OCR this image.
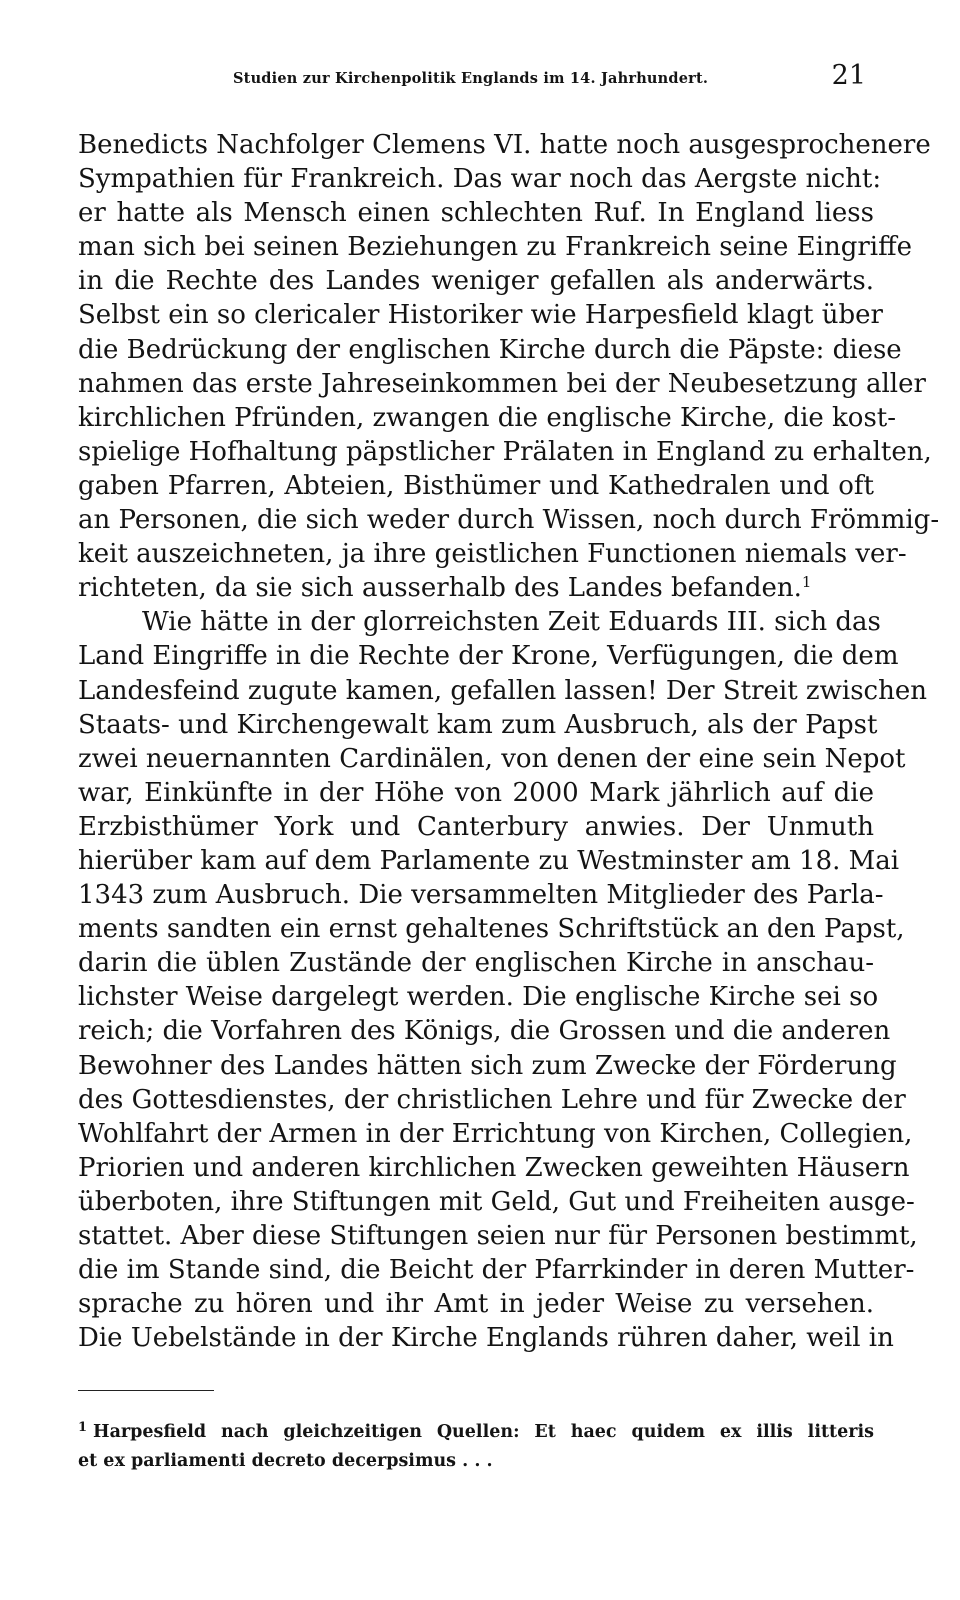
Studien zur Kirchenpolitik Englands im 14. Jahrhundert.	21
Benedicts Nachfolger Clemens VI. hatte noch ausgesprochenere
Sympathien für Frankreich. Das war noch das Aergste nicht:
er hatte als Mensch einen schlechten Ruf. In England liess
man sich bei seinen Beziehungen zu Frankreich seine Eingriffe
in die Rechte des Landes weniger gefallen als anderwärts.
Selbst ein so clericaler Historiker wie Harpesfield klagt über
die Bedrückung der englischen Kirche durch die Päpste: diese
nahmen das erste Jahreseinkommen bei der Neubesetzung aller
kirchlichen Pfründen, zwangen die englische Kirche, die kost-
spielige Hofhaltung päpstlicher Prälaten in England zu erhalten,
gaben Pfarren, Abteien, Bisthümer und Kathedralen und oft
an Personen, die sich weder durch Wissen, noch durch Frömmig-
keit auszeichneten, ja ihre geistlichen Functionen niemals ver-
richteten, da sie sich ausserhalb des Landes befanden.$^1$
Wie hätte in der glorreichsten Zeit Eduards III. sich das
Land Eingriffe in die Rechte der Krone, Verfügungen, die dem
Landesfeind zugute kamen, gefallen lassen! Der Streit zwischen
Staats- und Kirchengewalt kam zum Ausbruch, als der Papst
zwei neuernannten Cardinälen, von denen der eine sein Nepot
war, Einkünfte in der Höhe von 2000 Mark jährlich auf die
Erzbisthümer York und Canterbury anwies. Der Unmuth
hierüber kam auf dem Parlamente zu Westminster am 18. Mai
1343 zum Ausbruch. Die versammelten Mitglieder des Parla-
ments sandten ein ernst gehaltenes Schriftstück an den Papst,
darin die üblen Zustände der englischen Kirche in anschau-
lichster Weise dargelegt werden. Die englische Kirche sei so
reich; die Vorfahren des Königs, die Grossen und die anderen
Bewohner des Landes hätten sich zum Zwecke der Förderung
des Gottesdienstes, der christlichen Lehre und für Zwecke der
Wohlfahrt der Armen in der Errichtung von Kirchen, Collegien,
Priorien und anderen kirchlichen Zwecken geweihten Häusern
überboten, ihre Stiftungen mit Geld, Gut und Freiheiten ausge-
stattet. Aber diese Stiftungen seien nur für Personen bestimmt,
die im Stande sind, die Beicht der Pfarrkinder in deren Mutter-
sprache zu hören und ihr Amt in jeder Weise zu versehen.
Die Uebelstände in der Kirche Englands rühren daher, weil in
$^1$ Harpesfield nach gleichzeitigen Quellen: Et haec quidem ex illis litteris
et ex parliamenti decreto decerpsimus . . .
